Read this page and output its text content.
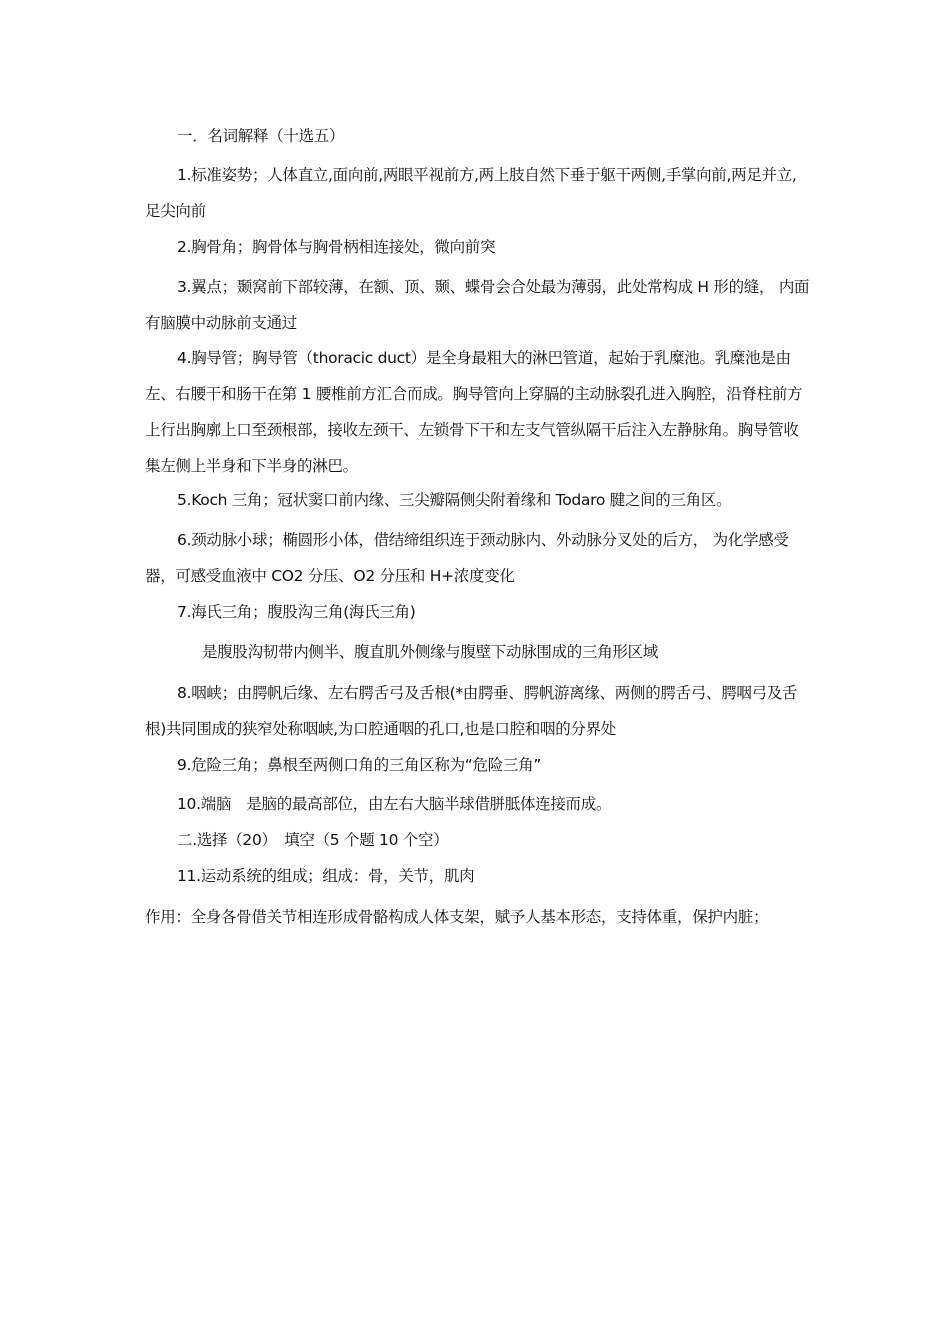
一．名词解释（十选五）

1.标准姿势；人体直立,面向前,两眼平视前方,两上肢自然下垂于躯干两侧,手掌向前,两足并立,足尖向前

2.胸骨角；胸骨体与胸骨柄相连接处，微向前突

3.翼点；颞窝前下部较薄，在额、顶、颞、蝶骨会合处最为薄弱，此处常构成 H 形的缝， 内面有脑膜中动脉前支通过

4.胸导管；胸导管（thoracic duct）是全身最粗大的淋巴管道，起始于乳糜池。乳糜池是由左、右腰干和肠干在第 1 腰椎前方汇合而成。胸导管向上穿膈的主动脉裂孔进入胸腔，沿脊柱前方上行出胸廓上口至颈根部，接收左颈干、左锁骨下干和左支气管纵隔干后注入左静脉角。胸导管收集左侧上半身和下半身的淋巴。

5.Koch 三角；冠状窦口前内缘、三尖瓣隔侧尖附着缘和 Todaro 腱之间的三角区。

6.颈动脉小球；椭圆形小体，借结缔组织连于颈动脉内、外动脉分叉处的后方， 为化学感受器，可感受血液中 CO2 分压、O2 分压和 H+浓度变化

7.海氏三角；腹股沟三角(海氏三角)

是腹股沟韧带内侧半、腹直肌外侧缘与腹壁下动脉围成的三角形区域

8.咽峡；由腭帆后缘、左右腭舌弓及舌根(*由腭垂、腭帆游离缘、两侧的腭舌弓、腭咽弓及舌根)共同围成的狭窄处称咽峡,为口腔通咽的孔口,也是口腔和咽的分界处

9.危险三角；鼻根至两侧口角的三角区称为“危险三角”

10.端脑　是脑的最高部位，由左右大脑半球借胼胝体连接而成。

二.选择（20）　填空（5 个题 10 个空）

11.运动系统的组成；组成：骨，关节，肌肉

作用：全身各骨借关节相连形成骨骼构成人体支架，赋予人基本形态，支持体重，保护内脏；
